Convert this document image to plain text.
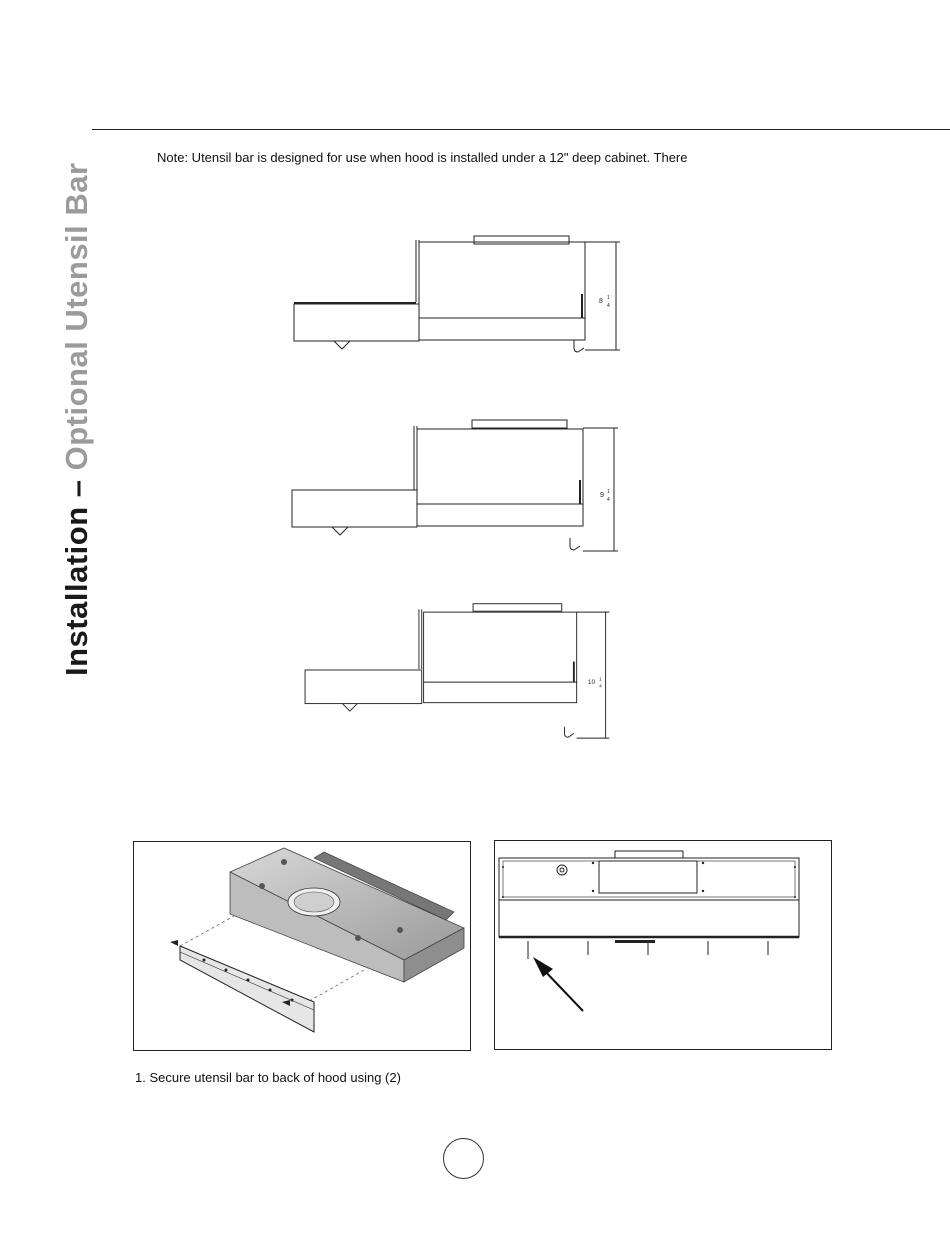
Installation – Optional Utensil Bar
Note: Utensil bar is designed for use when hood is installed under a 12" deep cabinet. There
8 1
4
9 1
4
10
1
4
1. Secure utensil bar to back of hood using (2)
